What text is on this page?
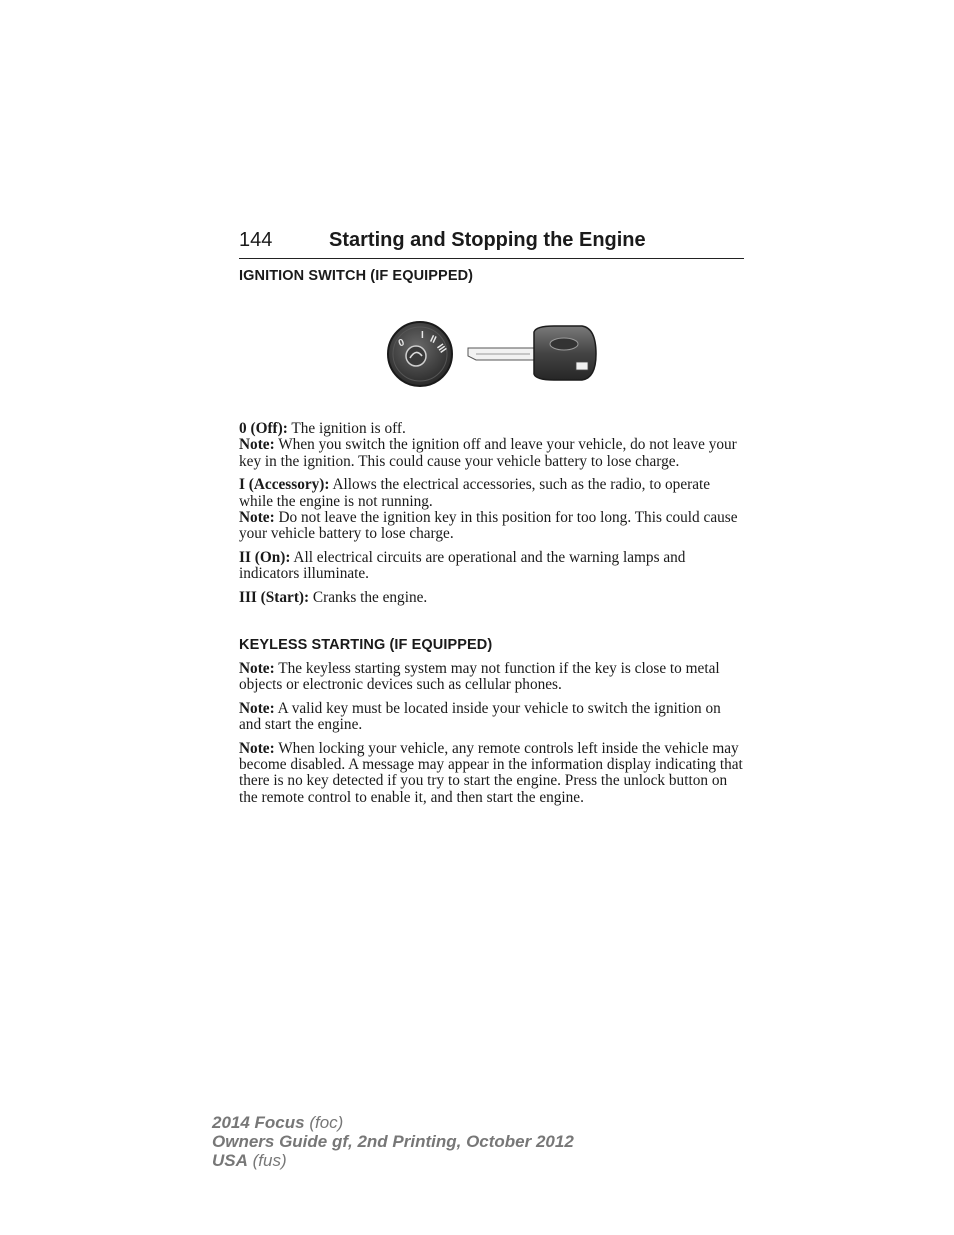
144	Starting and Stopping the Engine
IGNITION SWITCH (IF EQUIPPED)
0
I II
III

0 (Off): The ignition is off.
Note: When you switch the ignition off and leave your vehicle, do not leave your key in the ignition. This could cause your vehicle battery to lose charge.

I (Accessory): Allows the electrical accessories, such as the radio, to operate while the engine is not running.
Note: Do not leave the ignition key in this position for too long. This could cause your vehicle battery to lose charge.

II (On): All electrical circuits are operational and the warning lamps and indicators illuminate.

III (Start): Cranks the engine.

KEYLESS STARTING (IF EQUIPPED)

Note: The keyless starting system may not function if the key is close to metal objects or electronic devices such as cellular phones.

Note: A valid key must be located inside your vehicle to switch the ignition on and start the engine.

Note: When locking your vehicle, any remote controls left inside the vehicle may become disabled. A message may appear in the information display indicating that there is no key detected if you try to start the engine. Press the unlock button on the remote control to enable it, and then start the engine.

2014 Focus (foc)
Owners Guide gf, 2nd Printing, October 2012
USA (fus)
